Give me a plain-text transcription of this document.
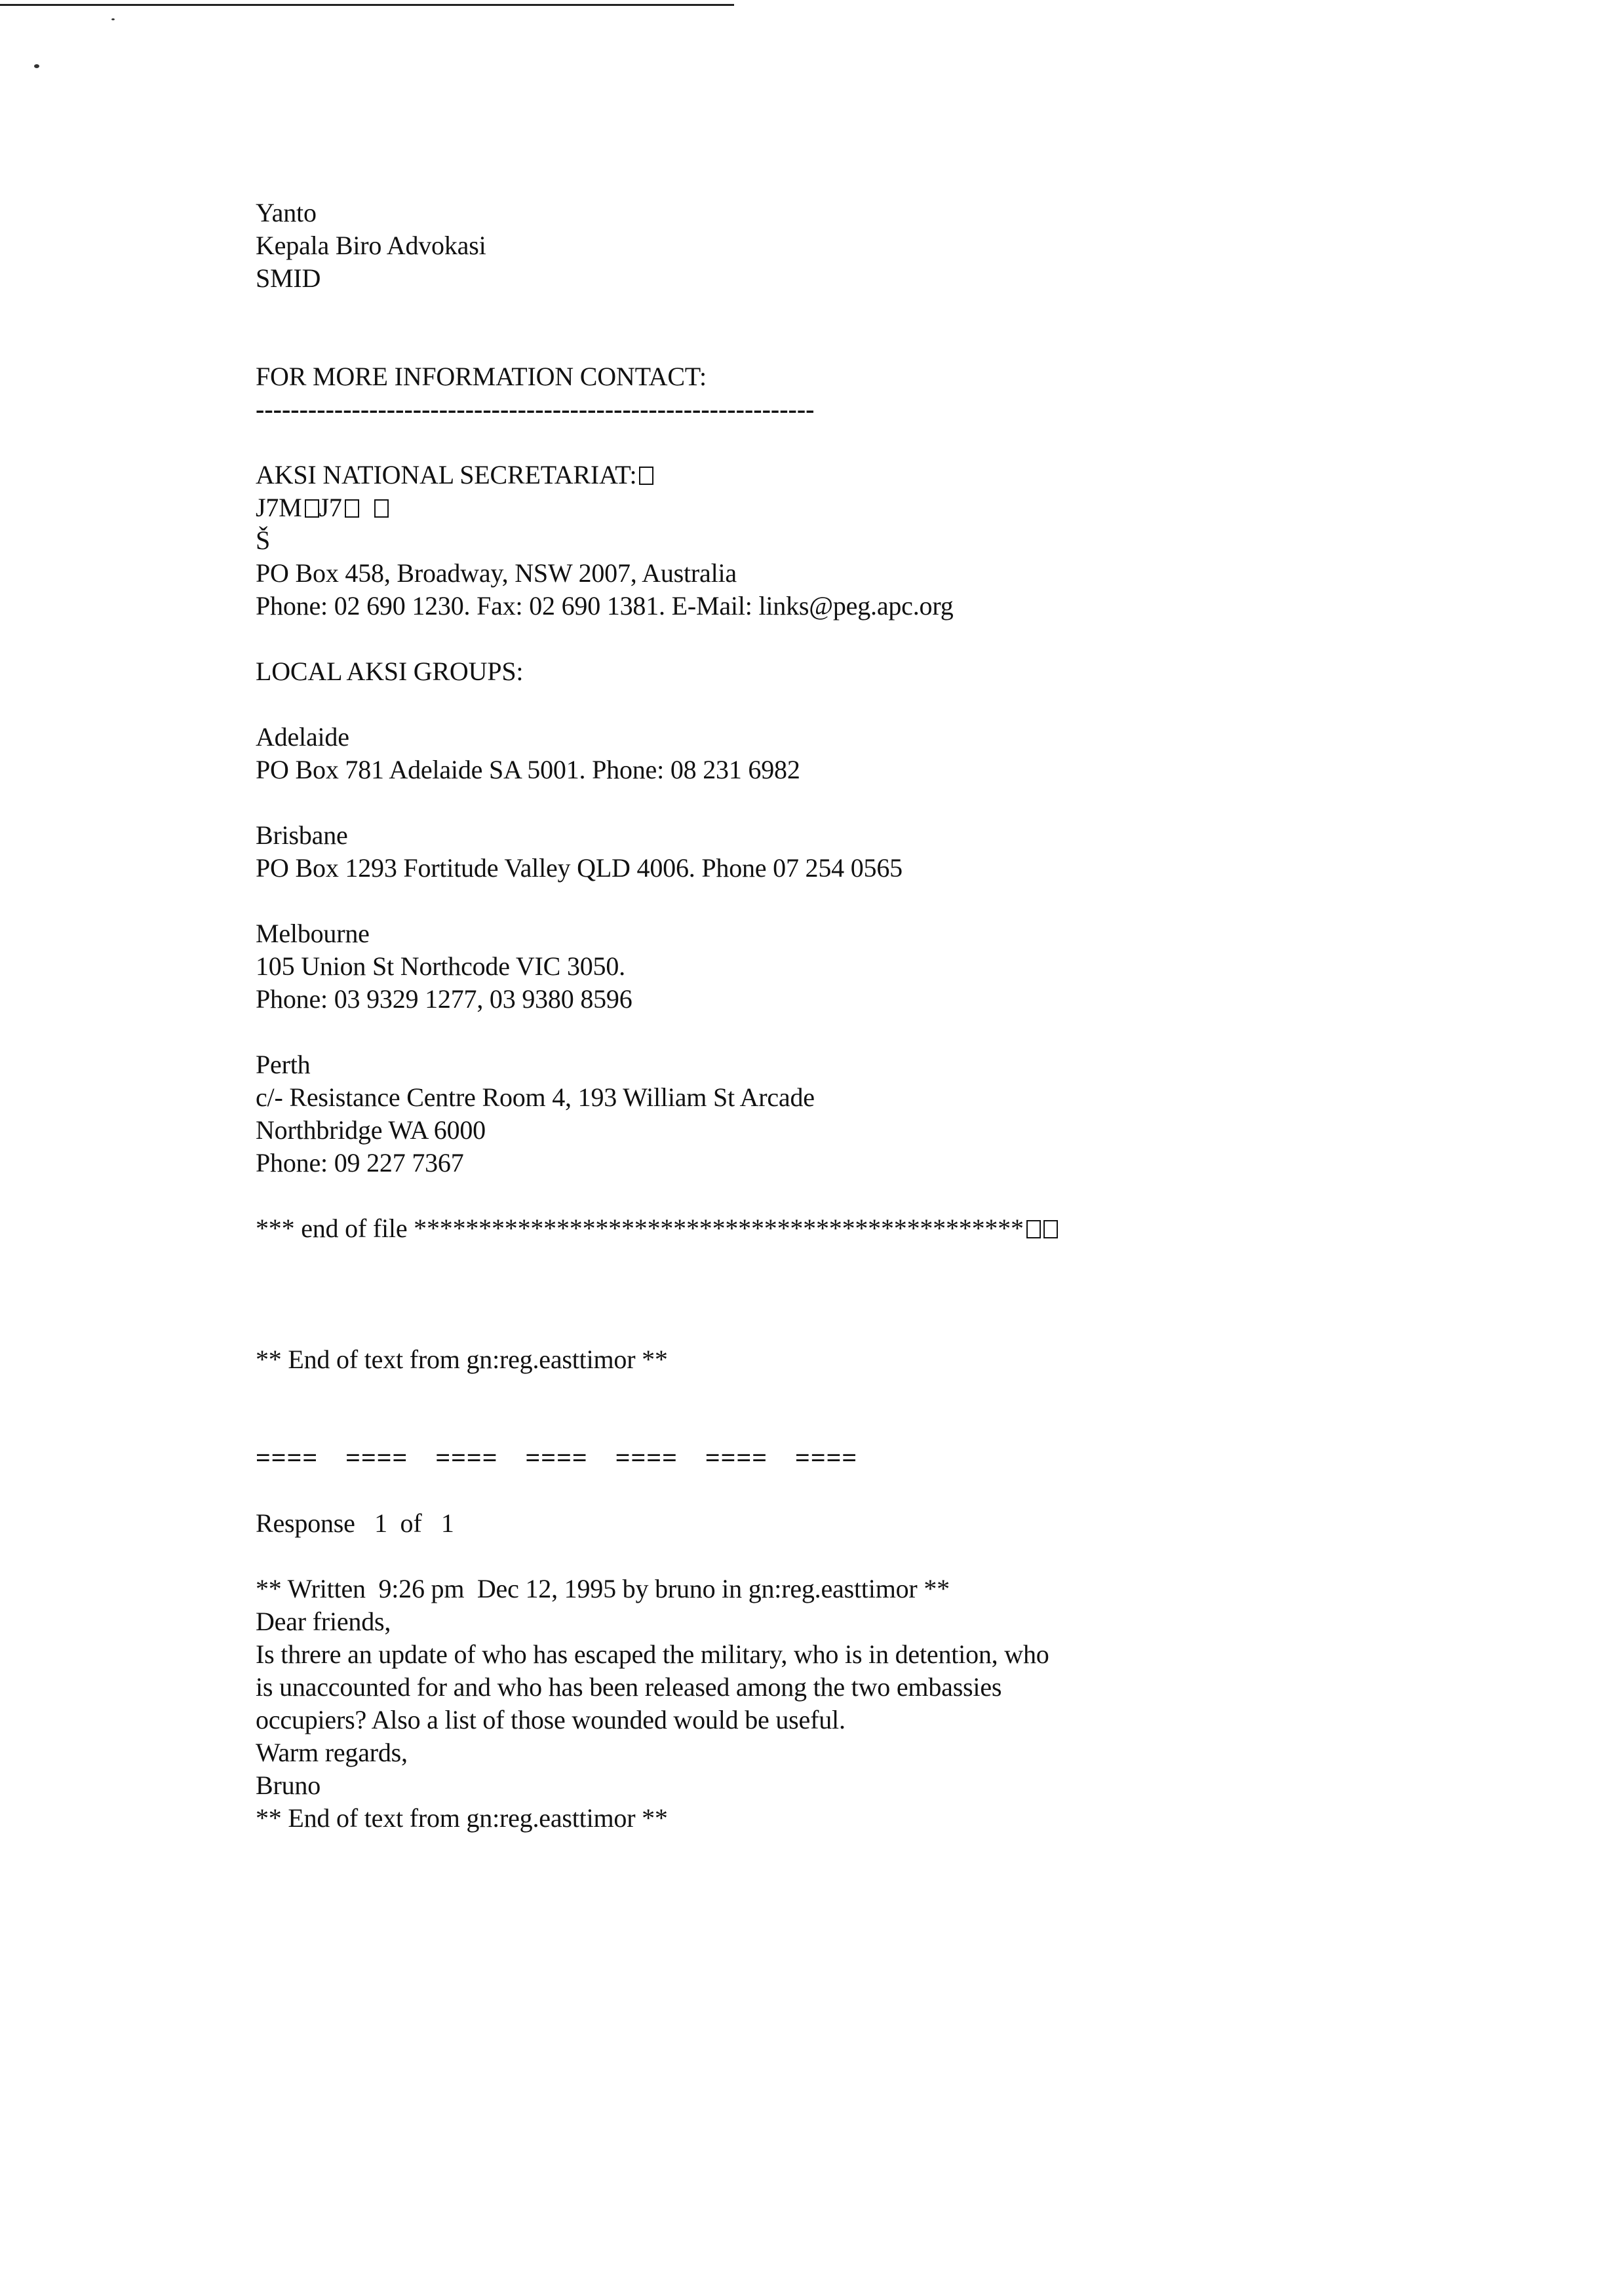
Yanto
Kepala Biro Advokasi
SMID
FOR MORE INFORMATION CONTACT:
----------------------------------------------------------------
AKSI NATIONAL SECRETARIAT:
J7M J7
Š
PO Box 458, Broadway, NSW 2007, Australia
Phone: 02 690 1230. Fax: 02 690 1381. E-Mail: links@peg.apc.org
LOCAL AKSI GROUPS:
Adelaide
PO Box 781 Adelaide SA 5001. Phone: 08 231 6982
Brisbane
PO Box 1293 Fortitude Valley QLD 4006. Phone 07 254 0565
Melbourne
105 Union St Northcode VIC 3050.
Phone: 03 9329 1277, 03 9380 8596
Perth
c/- Resistance Centre Room 4, 193 William St Arcade
Northbridge WA 6000
Phone: 09 227 7367
*** end of file ***********************************************
** End of text from gn:reg.easttimor **
==== ==== ==== ==== ==== ==== ====
Response   1  of   1
** Written  9:26 pm  Dec 12, 1995 by bruno in gn:reg.easttimor **
Dear friends,
Is threre an update of who has escaped the military, who is in detention, who
is unaccounted for and who has been released among the two embassies
occupiers? Also a list of those wounded would be useful.
Warm regards,
Bruno
** End of text from gn:reg.easttimor **
